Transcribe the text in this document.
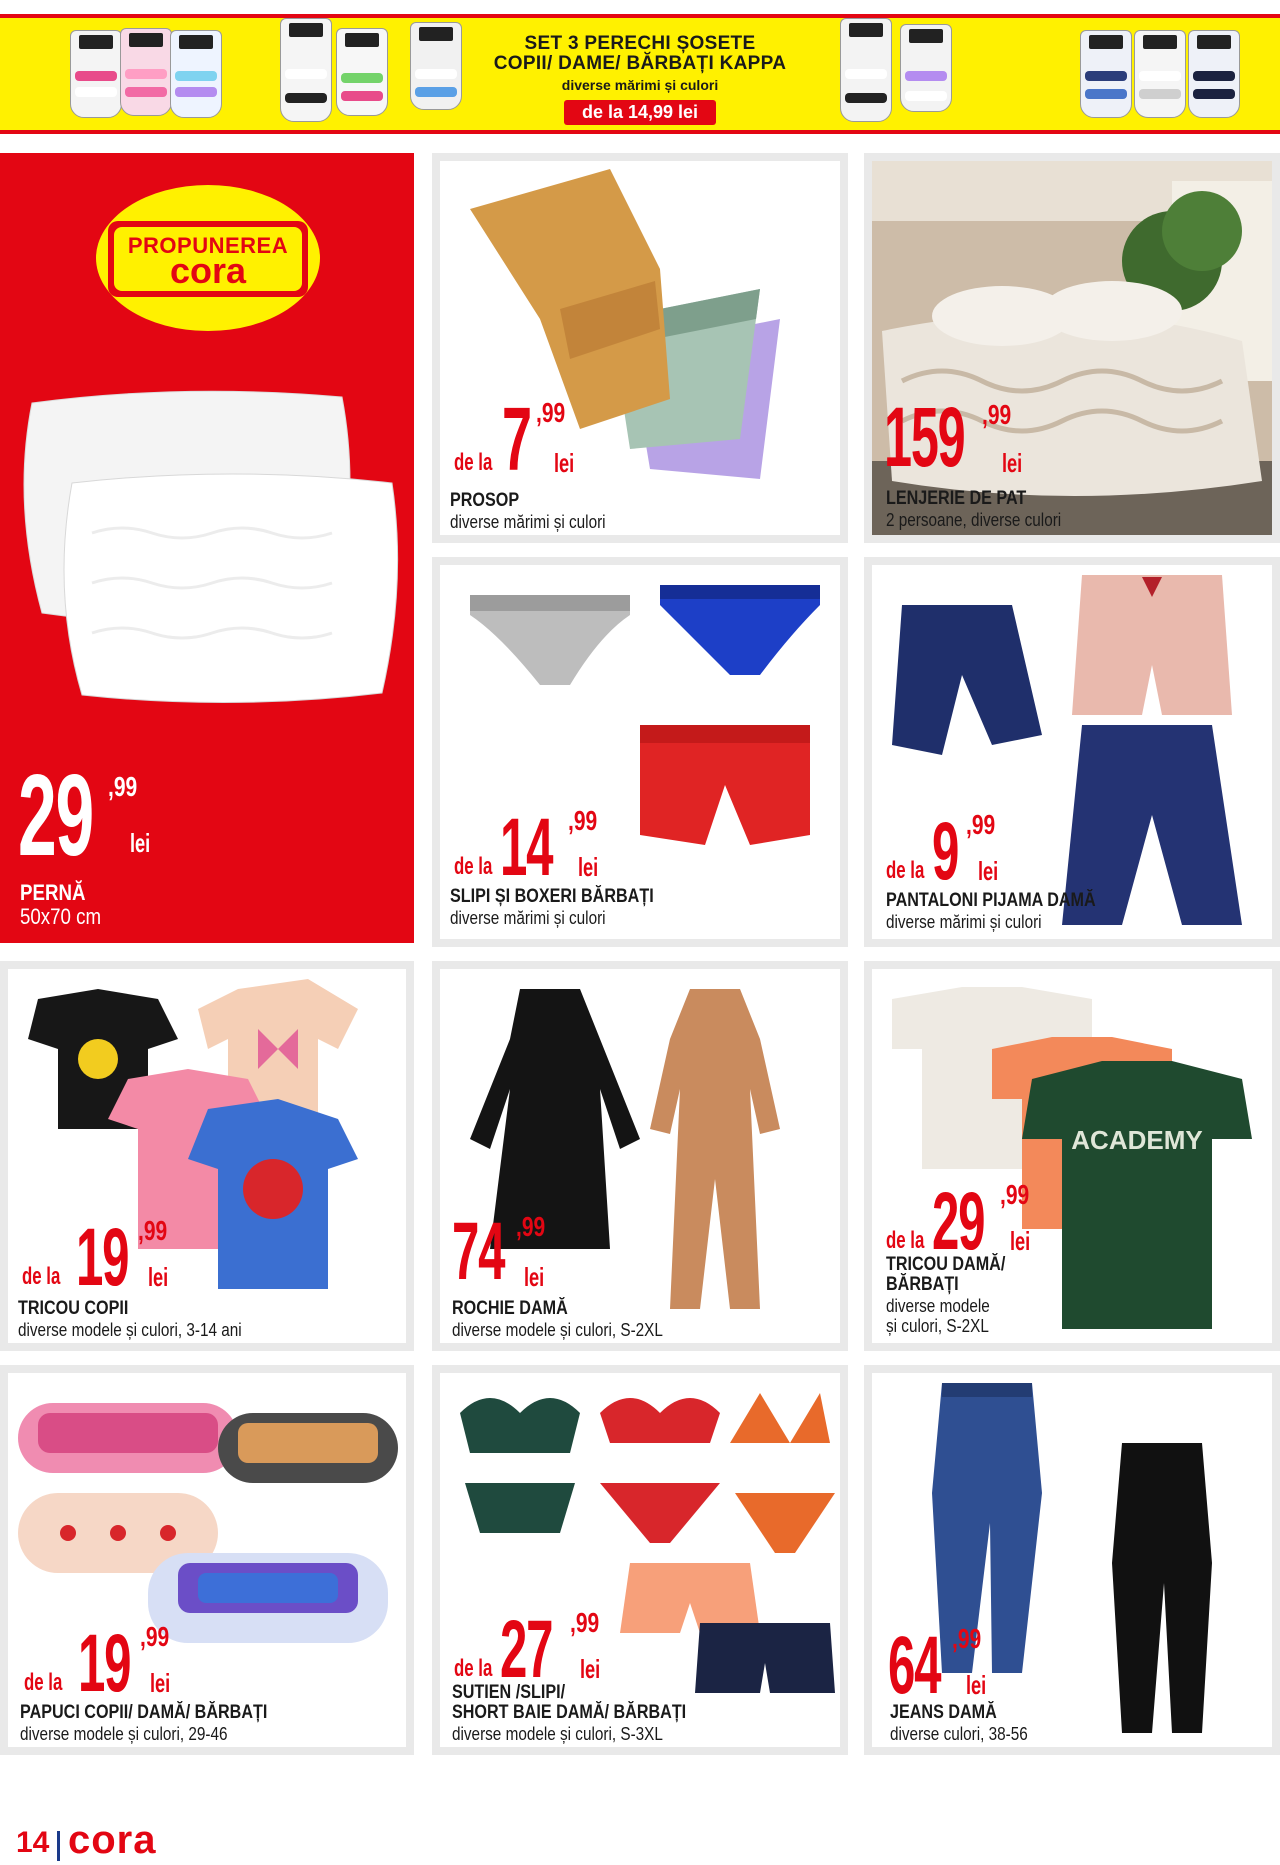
SET 3 PERECHI ȘOSETE
COPII/ DAME/ BĂRBAȚI KAPPA
diverse mărimi și culori
de la 14,99 lei
PROPUNEREA
cora
29 ,99
lei
PERNĂ
50x70 cm
de la 7 ,99
lei
PROSOP
diverse mărimi și culori
159 ,99
lei
LENJERIE DE PAT
2 persoane, diverse culori
de la 14 ,99
lei
SLIPI ȘI BOXERI BĂRBAȚI
diverse mărimi și culori
de la 9 ,99
lei
PANTALONI PIJAMA DAMĂ
diverse mărimi și culori
de la 19 ,99
lei
TRICOU COPII
diverse modele și culori, 3-14 ani
74 ,99
lei
ROCHIE DAMĂ
diverse modele și culori, S-2XL
ACADEMY
de la 29 ,99
lei
TRICOU DAMĂ/
BĂRBAȚI
diverse modele
și culori, S-2XL
de la 19 ,99
lei
PAPUCI COPII/ DAMĂ/ BĂRBAȚI
diverse modele și culori, 29-46
de la 27 ,99
lei
SUTIEN /SLIPI/
SHORT BAIE DAMĂ/ BĂRBAȚI
diverse modele și culori, S-3XL
64 ,99
lei
JEANS DAMĂ
diverse culori, 38-56
14 cora
